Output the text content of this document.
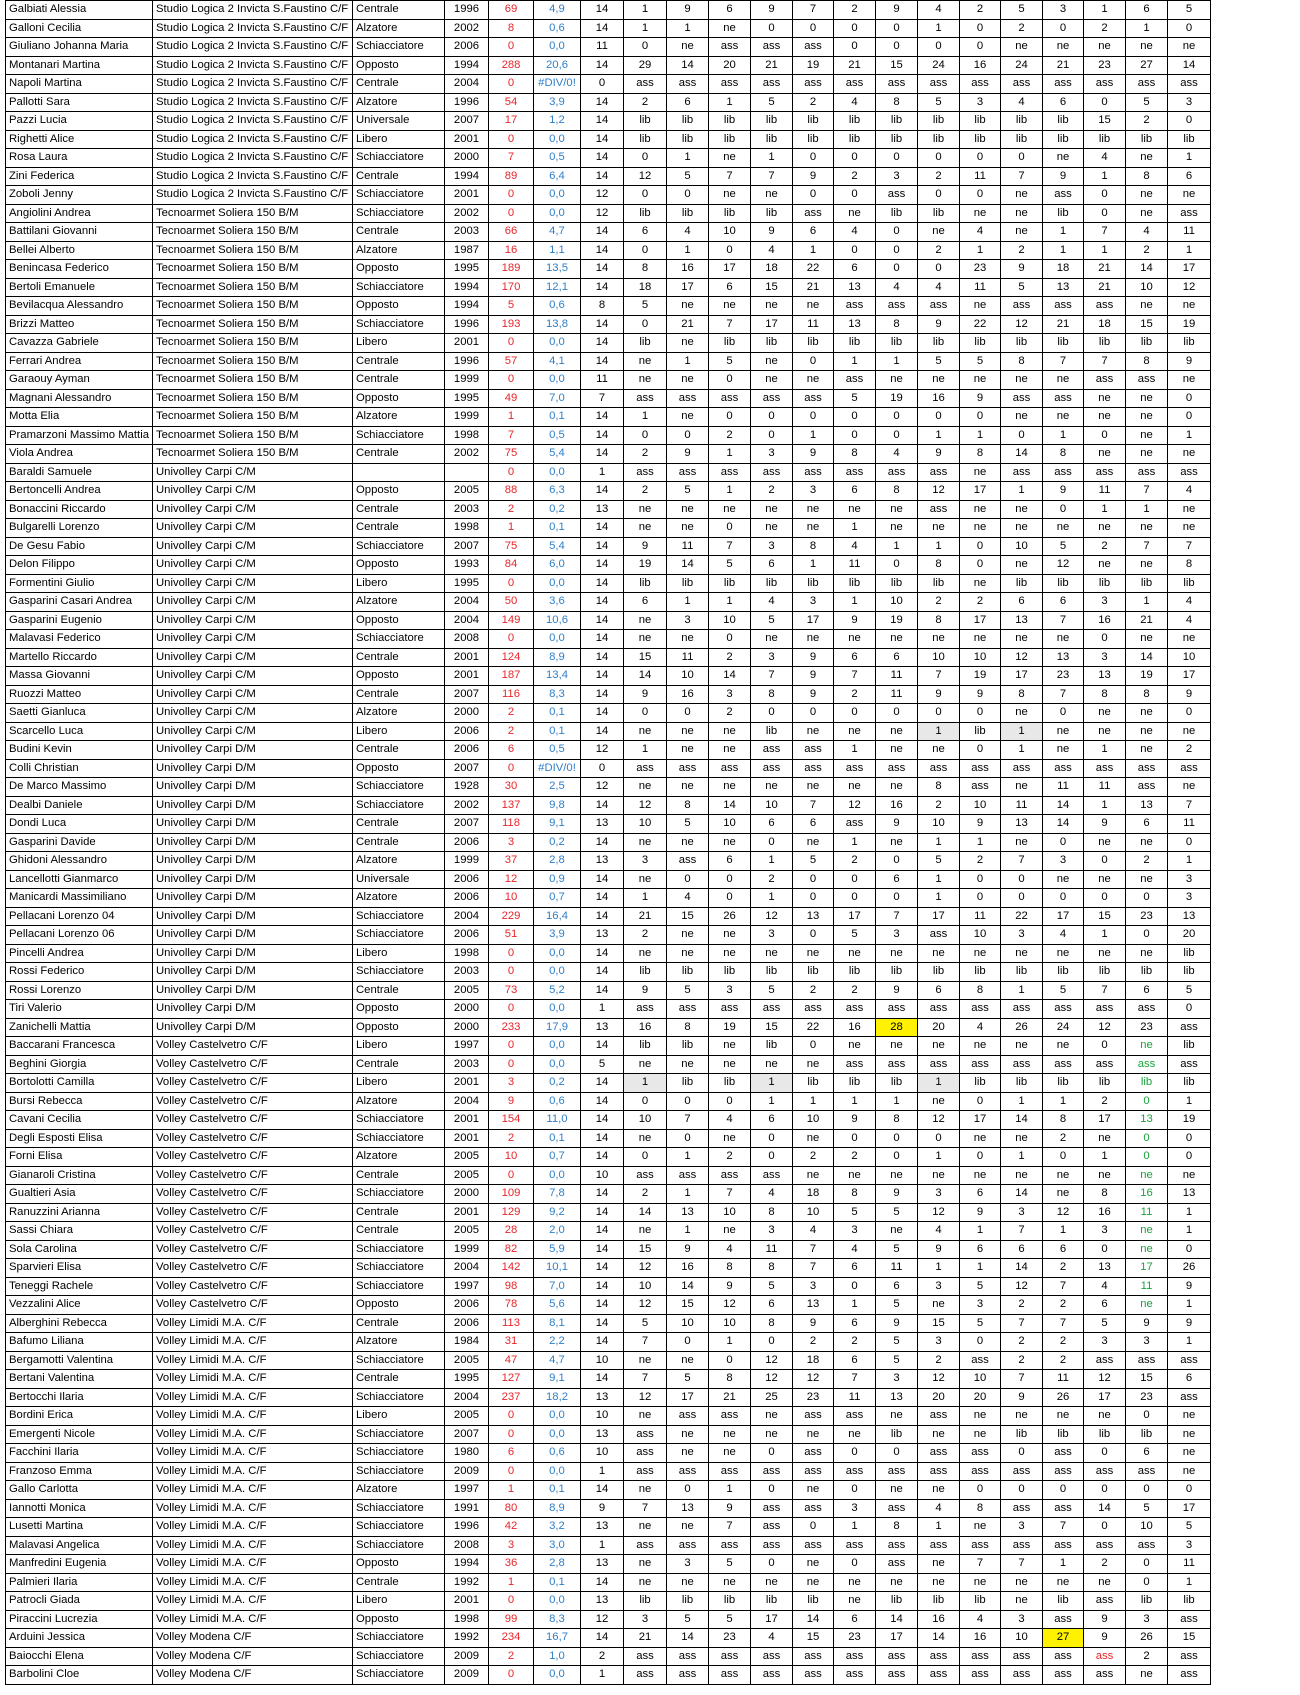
Galbiati Alessia	Studio Logica 2 Invicta S.Faustino C/F	Centrale	1996	69	4,9	14	1	9	6	9	7	2	9	4	2	5	3	1	6	5
Galloni Cecilia	Studio Logica 2 Invicta S.Faustino C/F	Alzatore	2002	8	0,6	14	1	1	ne	0	0	0	0	1	0	2	0	2	1	0
Giuliano Johanna Maria	Studio Logica 2 Invicta S.Faustino C/F	Schiacciatore	2006	0	0,0	11	0	ne	ass	ass	ass	0	0	0	0	ne	ne	ne	ne	ne
Montanari Martina	Studio Logica 2 Invicta S.Faustino C/F	Opposto	1994	288	20,6	14	29	14	20	21	19	21	15	24	16	24	21	23	27	14
Napoli Martina	Studio Logica 2 Invicta S.Faustino C/F	Centrale	2004	0	#DIV/0!	0	ass	ass	ass	ass	ass	ass	ass	ass	ass	ass	ass	ass	ass	ass
Pallotti Sara	Studio Logica 2 Invicta S.Faustino C/F	Alzatore	1996	54	3,9	14	2	6	1	5	2	4	8	5	3	4	6	0	5	3
Pazzi Lucia	Studio Logica 2 Invicta S.Faustino C/F	Universale	2007	17	1,2	14	lib	lib	lib	lib	lib	lib	lib	lib	lib	lib	lib	15	2	0
Righetti Alice	Studio Logica 2 Invicta S.Faustino C/F	Libero	2001	0	0,0	14	lib	lib	lib	lib	lib	lib	lib	lib	lib	lib	lib	lib	lib	lib
Rosa Laura	Studio Logica 2 Invicta S.Faustino C/F	Schiacciatore	2000	7	0,5	14	0	1	ne	1	0	0	0	0	0	0	ne	4	ne	1
Zini Federica	Studio Logica 2 Invicta S.Faustino C/F	Centrale	1994	89	6,4	14	12	5	7	7	9	2	3	2	11	7	9	1	8	6
Zoboli Jenny	Studio Logica 2 Invicta S.Faustino C/F	Schiacciatore	2001	0	0,0	12	0	0	ne	ne	0	0	ass	0	0	ne	ass	0	ne	ne
Angiolini Andrea	Tecnoarmet Soliera 150 B/M	Schiacciatore	2002	0	0,0	12	lib	lib	lib	lib	ass	ne	lib	lib	ne	ne	lib	0	ne	ass
Battilani Giovanni	Tecnoarmet Soliera 150 B/M	Centrale	2003	66	4,7	14	6	4	10	9	6	4	0	ne	4	ne	1	7	4	11
Bellei Alberto	Tecnoarmet Soliera 150 B/M	Alzatore	1987	16	1,1	14	0	1	0	4	1	0	0	2	1	2	1	1	2	1
Benincasa Federico	Tecnoarmet Soliera 150 B/M	Opposto	1995	189	13,5	14	8	16	17	18	22	6	0	0	23	9	18	21	14	17
Bertoli Emanuele	Tecnoarmet Soliera 150 B/M	Schiacciatore	1994	170	12,1	14	18	17	6	15	21	13	4	4	11	5	13	21	10	12
Bevilacqua Alessandro	Tecnoarmet Soliera 150 B/M	Opposto	1994	5	0,6	8	5	ne	ne	ne	ne	ass	ass	ass	ne	ass	ass	ass	ne	ne
Brizzi Matteo	Tecnoarmet Soliera 150 B/M	Schiacciatore	1996	193	13,8	14	0	21	7	17	11	13	8	9	22	12	21	18	15	19
Cavazza Gabriele	Tecnoarmet Soliera 150 B/M	Libero	2001	0	0,0	14	lib	ne	lib	lib	lib	lib	lib	lib	lib	lib	lib	lib	lib	lib
Ferrari Andrea	Tecnoarmet Soliera 150 B/M	Centrale	1996	57	4,1	14	ne	1	5	ne	0	1	1	5	5	8	7	7	8	9
Garaouy Ayman	Tecnoarmet Soliera 150 B/M	Centrale	1999	0	0,0	11	ne	ne	0	ne	ne	ass	ne	ne	ne	ne	ne	ass	ass	ne
Magnani Alessandro	Tecnoarmet Soliera 150 B/M	Opposto	1995	49	7,0	7	ass	ass	ass	ass	ass	5	19	16	9	ass	ass	ne	ne	0
Motta Elia	Tecnoarmet Soliera 150 B/M	Alzatore	1999	1	0,1	14	1	ne	0	0	0	0	0	0	0	ne	ne	ne	ne	0
Pramarzoni Massimo Mattia	Tecnoarmet Soliera 150 B/M	Schiacciatore	1998	7	0,5	14	0	0	2	0	1	0	0	1	1	0	1	0	ne	1
Viola Andrea	Tecnoarmet Soliera 150 B/M	Centrale	2002	75	5,4	14	2	9	1	3	9	8	4	9	8	14	8	ne	ne	ne
Baraldi Samuele	Univolley Carpi C/M			0	0,0	1	ass	ass	ass	ass	ass	ass	ass	ass	ne	ass	ass	ass	ass	ass
Bertoncelli Andrea	Univolley Carpi C/M	Opposto	2005	88	6,3	14	2	5	1	2	3	6	8	12	17	1	9	11	7	4
Bonaccini Riccardo	Univolley Carpi C/M	Centrale	2003	2	0,2	13	ne	ne	ne	ne	ne	ne	ne	ass	ne	ne	0	1	1	ne
Bulgarelli Lorenzo	Univolley Carpi C/M	Centrale	1998	1	0,1	14	ne	ne	0	ne	ne	1	ne	ne	ne	ne	ne	ne	ne	ne
De Gesu Fabio	Univolley Carpi C/M	Schiacciatore	2007	75	5,4	14	9	11	7	3	8	4	1	1	0	10	5	2	7	7
Delon Filippo	Univolley Carpi C/M	Opposto	1993	84	6,0	14	19	14	5	6	1	11	0	8	0	ne	12	ne	ne	8
Formentini Giulio	Univolley Carpi C/M	Libero	1995	0	0,0	14	lib	lib	lib	lib	lib	lib	lib	lib	ne	lib	lib	lib	lib	lib
Gasparini Casari Andrea	Univolley Carpi C/M	Alzatore	2004	50	3,6	14	6	1	1	4	3	1	10	2	2	6	6	3	1	4
Gasparini Eugenio	Univolley Carpi C/M	Opposto	2004	149	10,6	14	ne	3	10	5	17	9	19	8	17	13	7	16	21	4
Malavasi Federico	Univolley Carpi C/M	Schiacciatore	2008	0	0,0	14	ne	ne	0	ne	ne	ne	ne	ne	ne	ne	ne	0	ne	ne
Martello Riccardo	Univolley Carpi C/M	Centrale	2001	124	8,9	14	15	11	2	3	9	6	6	10	10	12	13	3	14	10
Massa Giovanni	Univolley Carpi C/M	Opposto	2001	187	13,4	14	14	10	14	7	9	7	11	7	19	17	23	13	19	17
Ruozzi Matteo	Univolley Carpi C/M	Centrale	2007	116	8,3	14	9	16	3	8	9	2	11	9	9	8	7	8	8	9
Saetti Gianluca	Univolley Carpi C/M	Alzatore	2000	2	0,1	14	0	0	2	0	0	0	0	0	0	ne	0	ne	ne	0
Scarcello Luca	Univolley Carpi C/M	Libero	2006	2	0,1	14	ne	ne	ne	lib	ne	ne	ne	1	lib	1	ne	ne	ne	ne
Budini Kevin	Univolley Carpi D/M	Centrale	2006	6	0,5	12	1	ne	ne	ass	ass	1	ne	ne	0	1	ne	1	ne	2
Colli Christian	Univolley Carpi D/M	Opposto	2007	0	#DIV/0!	0	ass	ass	ass	ass	ass	ass	ass	ass	ass	ass	ass	ass	ass	ass
De Marco Massimo	Univolley Carpi D/M	Schiacciatore	1928	30	2,5	12	ne	ne	ne	ne	ne	ne	ne	8	ass	ne	11	11	ass	ne
Dealbi Daniele	Univolley Carpi D/M	Schiacciatore	2002	137	9,8	14	12	8	14	10	7	12	16	2	10	11	14	1	13	7
Dondi Luca	Univolley Carpi D/M	Centrale	2007	118	9,1	13	10	5	10	6	6	ass	9	10	9	13	14	9	6	11
Gasparini Davide	Univolley Carpi D/M	Centrale	2006	3	0,2	14	ne	ne	ne	0	ne	1	ne	1	1	ne	0	ne	ne	0
Ghidoni Alessandro	Univolley Carpi D/M	Alzatore	1999	37	2,8	13	3	ass	6	1	5	2	0	5	2	7	3	0	2	1
Lancellotti Gianmarco	Univolley Carpi D/M	Universale	2006	12	0,9	14	ne	0	0	2	0	0	6	1	0	0	ne	ne	ne	3
Manicardi Massimiliano	Univolley Carpi D/M	Alzatore	2006	10	0,7	14	1	4	0	1	0	0	0	1	0	0	0	0	0	3
Pellacani Lorenzo 04	Univolley Carpi D/M	Schiacciatore	2004	229	16,4	14	21	15	26	12	13	17	7	17	11	22	17	15	23	13
Pellacani Lorenzo 06	Univolley Carpi D/M	Schiacciatore	2006	51	3,9	13	2	ne	ne	3	0	5	3	ass	10	3	4	1	0	20
Pincelli Andrea	Univolley Carpi D/M	Libero	1998	0	0,0	14	ne	ne	ne	ne	ne	ne	ne	ne	ne	ne	ne	ne	ne	lib
Rossi Federico	Univolley Carpi D/M	Schiacciatore	2003	0	0,0	14	lib	lib	lib	lib	lib	lib	lib	lib	lib	lib	lib	lib	lib	lib
Rossi Lorenzo	Univolley Carpi D/M	Centrale	2005	73	5,2	14	9	5	3	5	2	2	9	6	8	1	5	7	6	5
Tiri Valerio	Univolley Carpi D/M	Opposto	2000	0	0,0	1	ass	ass	ass	ass	ass	ass	ass	ass	ass	ass	ass	ass	ass	0
Zanichelli Mattia	Univolley Carpi D/M	Opposto	2000	233	17,9	13	16	8	19	15	22	16	28	20	4	26	24	12	23	ass
Baccarani Francesca	Volley Castelvetro C/F	Libero	1997	0	0,0	14	lib	lib	ne	lib	0	ne	ne	ne	ne	ne	ne	0	ne	lib
Beghini Giorgia	Volley Castelvetro C/F	Centrale	2003	0	0,0	5	ne	ne	ne	ne	ne	ass	ass	ass	ass	ass	ass	ass	ass	ass
Bortolotti Camilla	Volley Castelvetro C/F	Libero	2001	3	0,2	14	1	lib	lib	1	lib	lib	lib	1	lib	lib	lib	lib	lib	lib
Bursi Rebecca	Volley Castelvetro C/F	Alzatore	2004	9	0,6	14	0	0	0	1	1	1	1	ne	0	1	1	2	0	1
Cavani Cecilia	Volley Castelvetro C/F	Schiacciatore	2001	154	11,0	14	10	7	4	6	10	9	8	12	17	14	8	17	13	19
Degli Esposti Elisa	Volley Castelvetro C/F	Schiacciatore	2001	2	0,1	14	ne	0	ne	0	ne	0	0	0	ne	ne	2	ne	0	0
Forni Elisa	Volley Castelvetro C/F	Alzatore	2005	10	0,7	14	0	1	2	0	2	2	0	1	0	1	0	1	0	0
Gianaroli Cristina	Volley Castelvetro C/F	Centrale	2005	0	0,0	10	ass	ass	ass	ass	ne	ne	ne	ne	ne	ne	ne	ne	ne	ne
Gualtieri Asia	Volley Castelvetro C/F	Schiacciatore	2000	109	7,8	14	2	1	7	4	18	8	9	3	6	14	ne	8	16	13
Ranuzzini Arianna	Volley Castelvetro C/F	Centrale	2001	129	9,2	14	14	13	10	8	10	5	5	12	9	3	12	16	11	1
Sassi Chiara	Volley Castelvetro C/F	Centrale	2005	28	2,0	14	ne	1	ne	3	4	3	ne	4	1	7	1	3	ne	1
Sola Carolina	Volley Castelvetro C/F	Schiacciatore	1999	82	5,9	14	15	9	4	11	7	4	5	9	6	6	6	0	ne	0
Sparvieri Elisa	Volley Castelvetro C/F	Schiacciatore	2004	142	10,1	14	12	16	8	8	7	6	11	1	1	14	2	13	17	26
Teneggi Rachele	Volley Castelvetro C/F	Schiacciatore	1997	98	7,0	14	10	14	9	5	3	0	6	3	5	12	7	4	11	9
Vezzalini Alice	Volley Castelvetro C/F	Opposto	2006	78	5,6	14	12	15	12	6	13	1	5	ne	3	2	2	6	ne	1
Alberghini Rebecca	Volley Limidi M.A. C/F	Centrale	2006	113	8,1	14	5	10	10	8	9	6	9	15	5	7	7	5	9	9
Bafumo Liliana	Volley Limidi M.A. C/F	Alzatore	1984	31	2,2	14	7	0	1	0	2	2	5	3	0	2	2	3	3	1
Bergamotti Valentina	Volley Limidi M.A. C/F	Schiacciatore	2005	47	4,7	10	ne	ne	0	12	18	6	5	2	ass	2	2	ass	ass	ass
Bertani Valentina	Volley Limidi M.A. C/F	Centrale	1995	127	9,1	14	7	5	8	12	12	7	3	12	10	7	11	12	15	6
Bertocchi Ilaria	Volley Limidi M.A. C/F	Schiacciatore	2004	237	18,2	13	12	17	21	25	23	11	13	20	20	9	26	17	23	ass
Bordini Erica	Volley Limidi M.A. C/F	Libero	2005	0	0,0	10	ne	ass	ass	ne	ass	ass	ne	ass	ne	ne	ne	ne	0	ne
Emergenti Nicole	Volley Limidi M.A. C/F	Schiacciatore	2007	0	0,0	13	ass	ne	ne	ne	ne	ne	lib	ne	ne	lib	lib	lib	lib	ne
Facchini Ilaria	Volley Limidi M.A. C/F	Schiacciatore	1980	6	0,6	10	ass	ne	ne	0	ass	0	0	ass	ass	0	ass	0	6	ne
Franzoso Emma	Volley Limidi M.A. C/F	Schiacciatore	2009	0	0,0	1	ass	ass	ass	ass	ass	ass	ass	ass	ass	ass	ass	ass	ass	ne
Gallo Carlotta	Volley Limidi M.A. C/F	Alzatore	1997	1	0,1	14	ne	0	1	0	ne	0	ne	ne	0	0	0	0	0	0
Iannotti Monica	Volley Limidi M.A. C/F	Schiacciatore	1991	80	8,9	9	7	13	9	ass	ass	3	ass	4	8	ass	ass	14	5	17
Lusetti Martina	Volley Limidi M.A. C/F	Schiacciatore	1996	42	3,2	13	ne	ne	7	ass	0	1	8	1	ne	3	7	0	10	5
Malavasi Angelica	Volley Limidi M.A. C/F	Schiacciatore	2008	3	3,0	1	ass	ass	ass	ass	ass	ass	ass	ass	ass	ass	ass	ass	ass	3
Manfredini Eugenia	Volley Limidi M.A. C/F	Opposto	1994	36	2,8	13	ne	3	5	0	ne	0	ass	ne	7	7	1	2	0	11
Palmieri Ilaria	Volley Limidi M.A. C/F	Centrale	1992	1	0,1	14	ne	ne	ne	ne	ne	ne	ne	ne	ne	ne	ne	ne	0	1
Patrocli Giada	Volley Limidi M.A. C/F	Libero	2001	0	0,0	13	lib	lib	lib	lib	lib	ne	lib	lib	lib	ne	lib	ass	lib	lib
Piraccini Lucrezia	Volley Limidi M.A. C/F	Opposto	1998	99	8,3	12	3	5	5	17	14	6	14	16	4	3	ass	9	3	ass
Arduini Jessica	Volley Modena C/F	Schiacciatore	1992	234	16,7	14	21	14	23	4	15	23	17	14	16	10	27	9	26	15
Baiocchi Elena	Volley Modena C/F	Schiacciatore	2009	2	1,0	2	ass	ass	ass	ass	ass	ass	ass	ass	ass	ass	ass	ass	2	ass
Barbolini Cloe	Volley Modena C/F	Schiacciatore	2009	0	0,0	1	ass	ass	ass	ass	ass	ass	ass	ass	ass	ass	ass	ass	ne	ass
